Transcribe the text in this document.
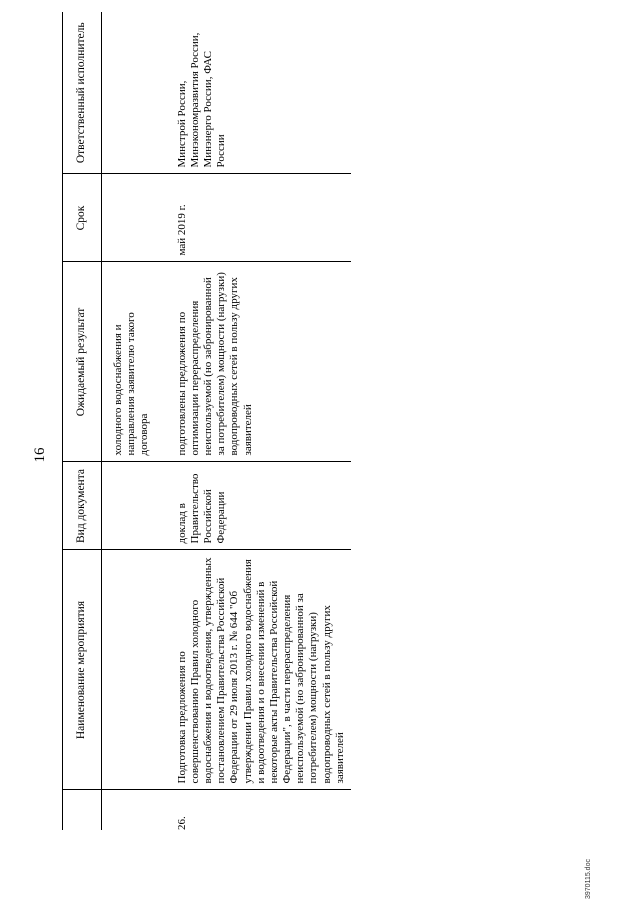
16
	Наименование мероприятия	Вид документа	Ожидаемый результат	Срок	Ответственный исполнитель
			холодного водоснабжения и направления заявителю такого договора		
26.	Подготовка предложения по совершенствованию Правил холодного водоснабжения и водоотведения, утвержденных постановлением Правительства Российской Федерации от 29 июля 2013 г. № 644 "Об утверждении Правил холодного водоснабжения и водоотведения и о внесении изменений в некоторые акты Правительства Российской Федерации", в части перераспределения неиспользуемой (но забронированной за потребителем) мощности (нагрузки) водопроводных сетей в пользу других заявителей	доклад в Правительство Российской Федерации	подготовлены предложения по оптимизации перераспределения неиспользуемой (но забронированной за потребителем) мощности (нагрузки) водопроводных сетей в пользу других заявителей	май 2019 г.	Минстрой России, Минэкономразвития России, Минэнерго России, ФАС России
3970115.doc
